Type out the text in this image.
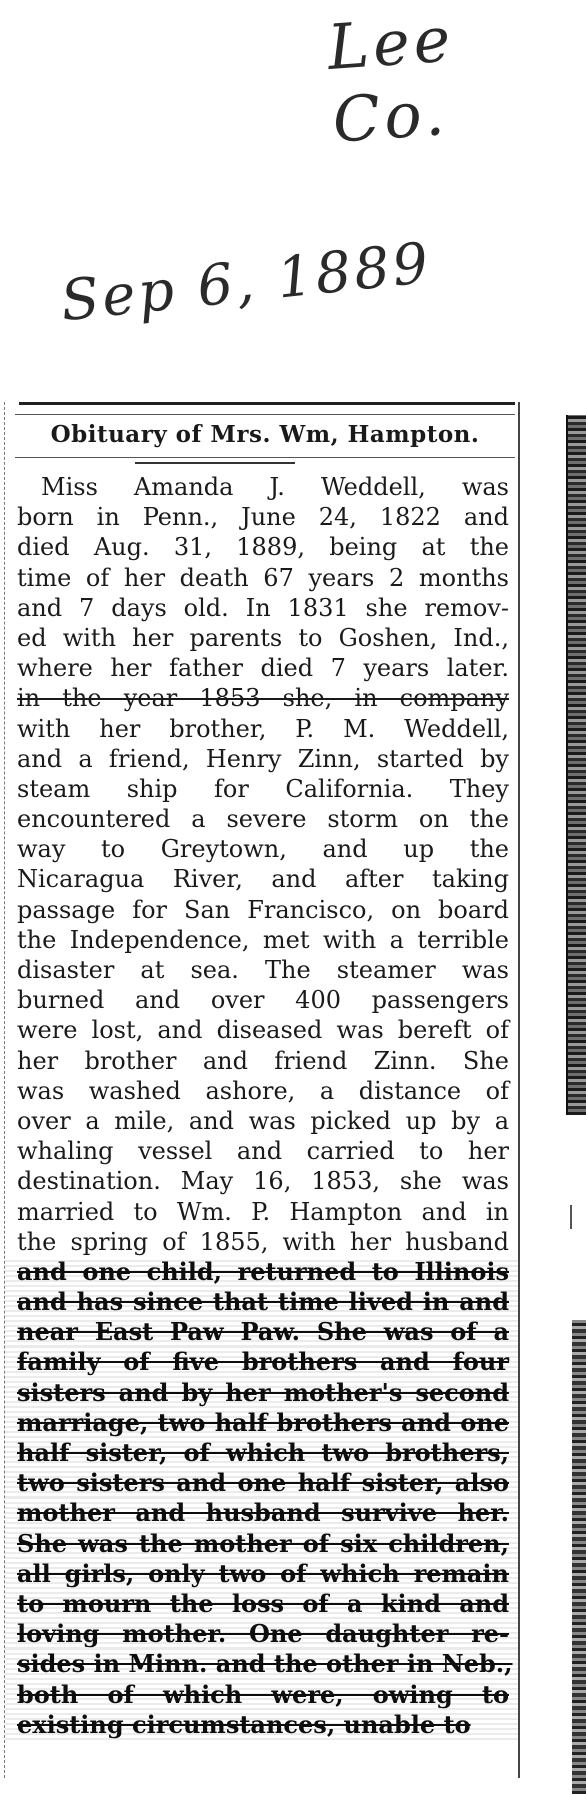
Lee Co.
Sep 6, 1889
Obituary of Mrs. Wm, Hampton.
Miss Amanda J. Weddell, was
born in Penn., June 24, 1822 and
died Aug. 31, 1889, being at the
time of her death 67 years 2 months
and 7 days old. In 1831 she remov-
ed with her parents to Goshen, Ind.,
where her father died 7 years later.
in the year 1853 she, in company
with her brother, P. M. Weddell,
and a friend, Henry Zinn, started by
steam ship for California. They
encountered a severe storm on the
way to Greytown, and up the
Nicaragua River, and after taking
passage for San Francisco, on board
the Independence, met with a terrible
disaster at sea. The steamer was
burned and over 400 passengers
were lost, and diseased was bereft of
her brother and friend Zinn. She
was washed ashore, a distance of
over a mile, and was picked up by a
whaling vessel and carried to her
destination. May 16, 1853, she was
married to Wm. P. Hampton and in
the spring of 1855, with her husband
and one child, returned to Illinois
and has since that time lived in and
near East Paw Paw. She was of a
family of five brothers and four
sisters and by her mother's second
marriage, two half brothers and one
half sister, of which two brothers,
two sisters and one half sister, also
mother and husband survive her.
She was the mother of six children,
all girls, only two of which remain
to mourn the loss of a kind and
loving mother. One daughter re-
sides in Minn. and the other in Neb.,
both of which were, owing to
existing circumstances, unable to
